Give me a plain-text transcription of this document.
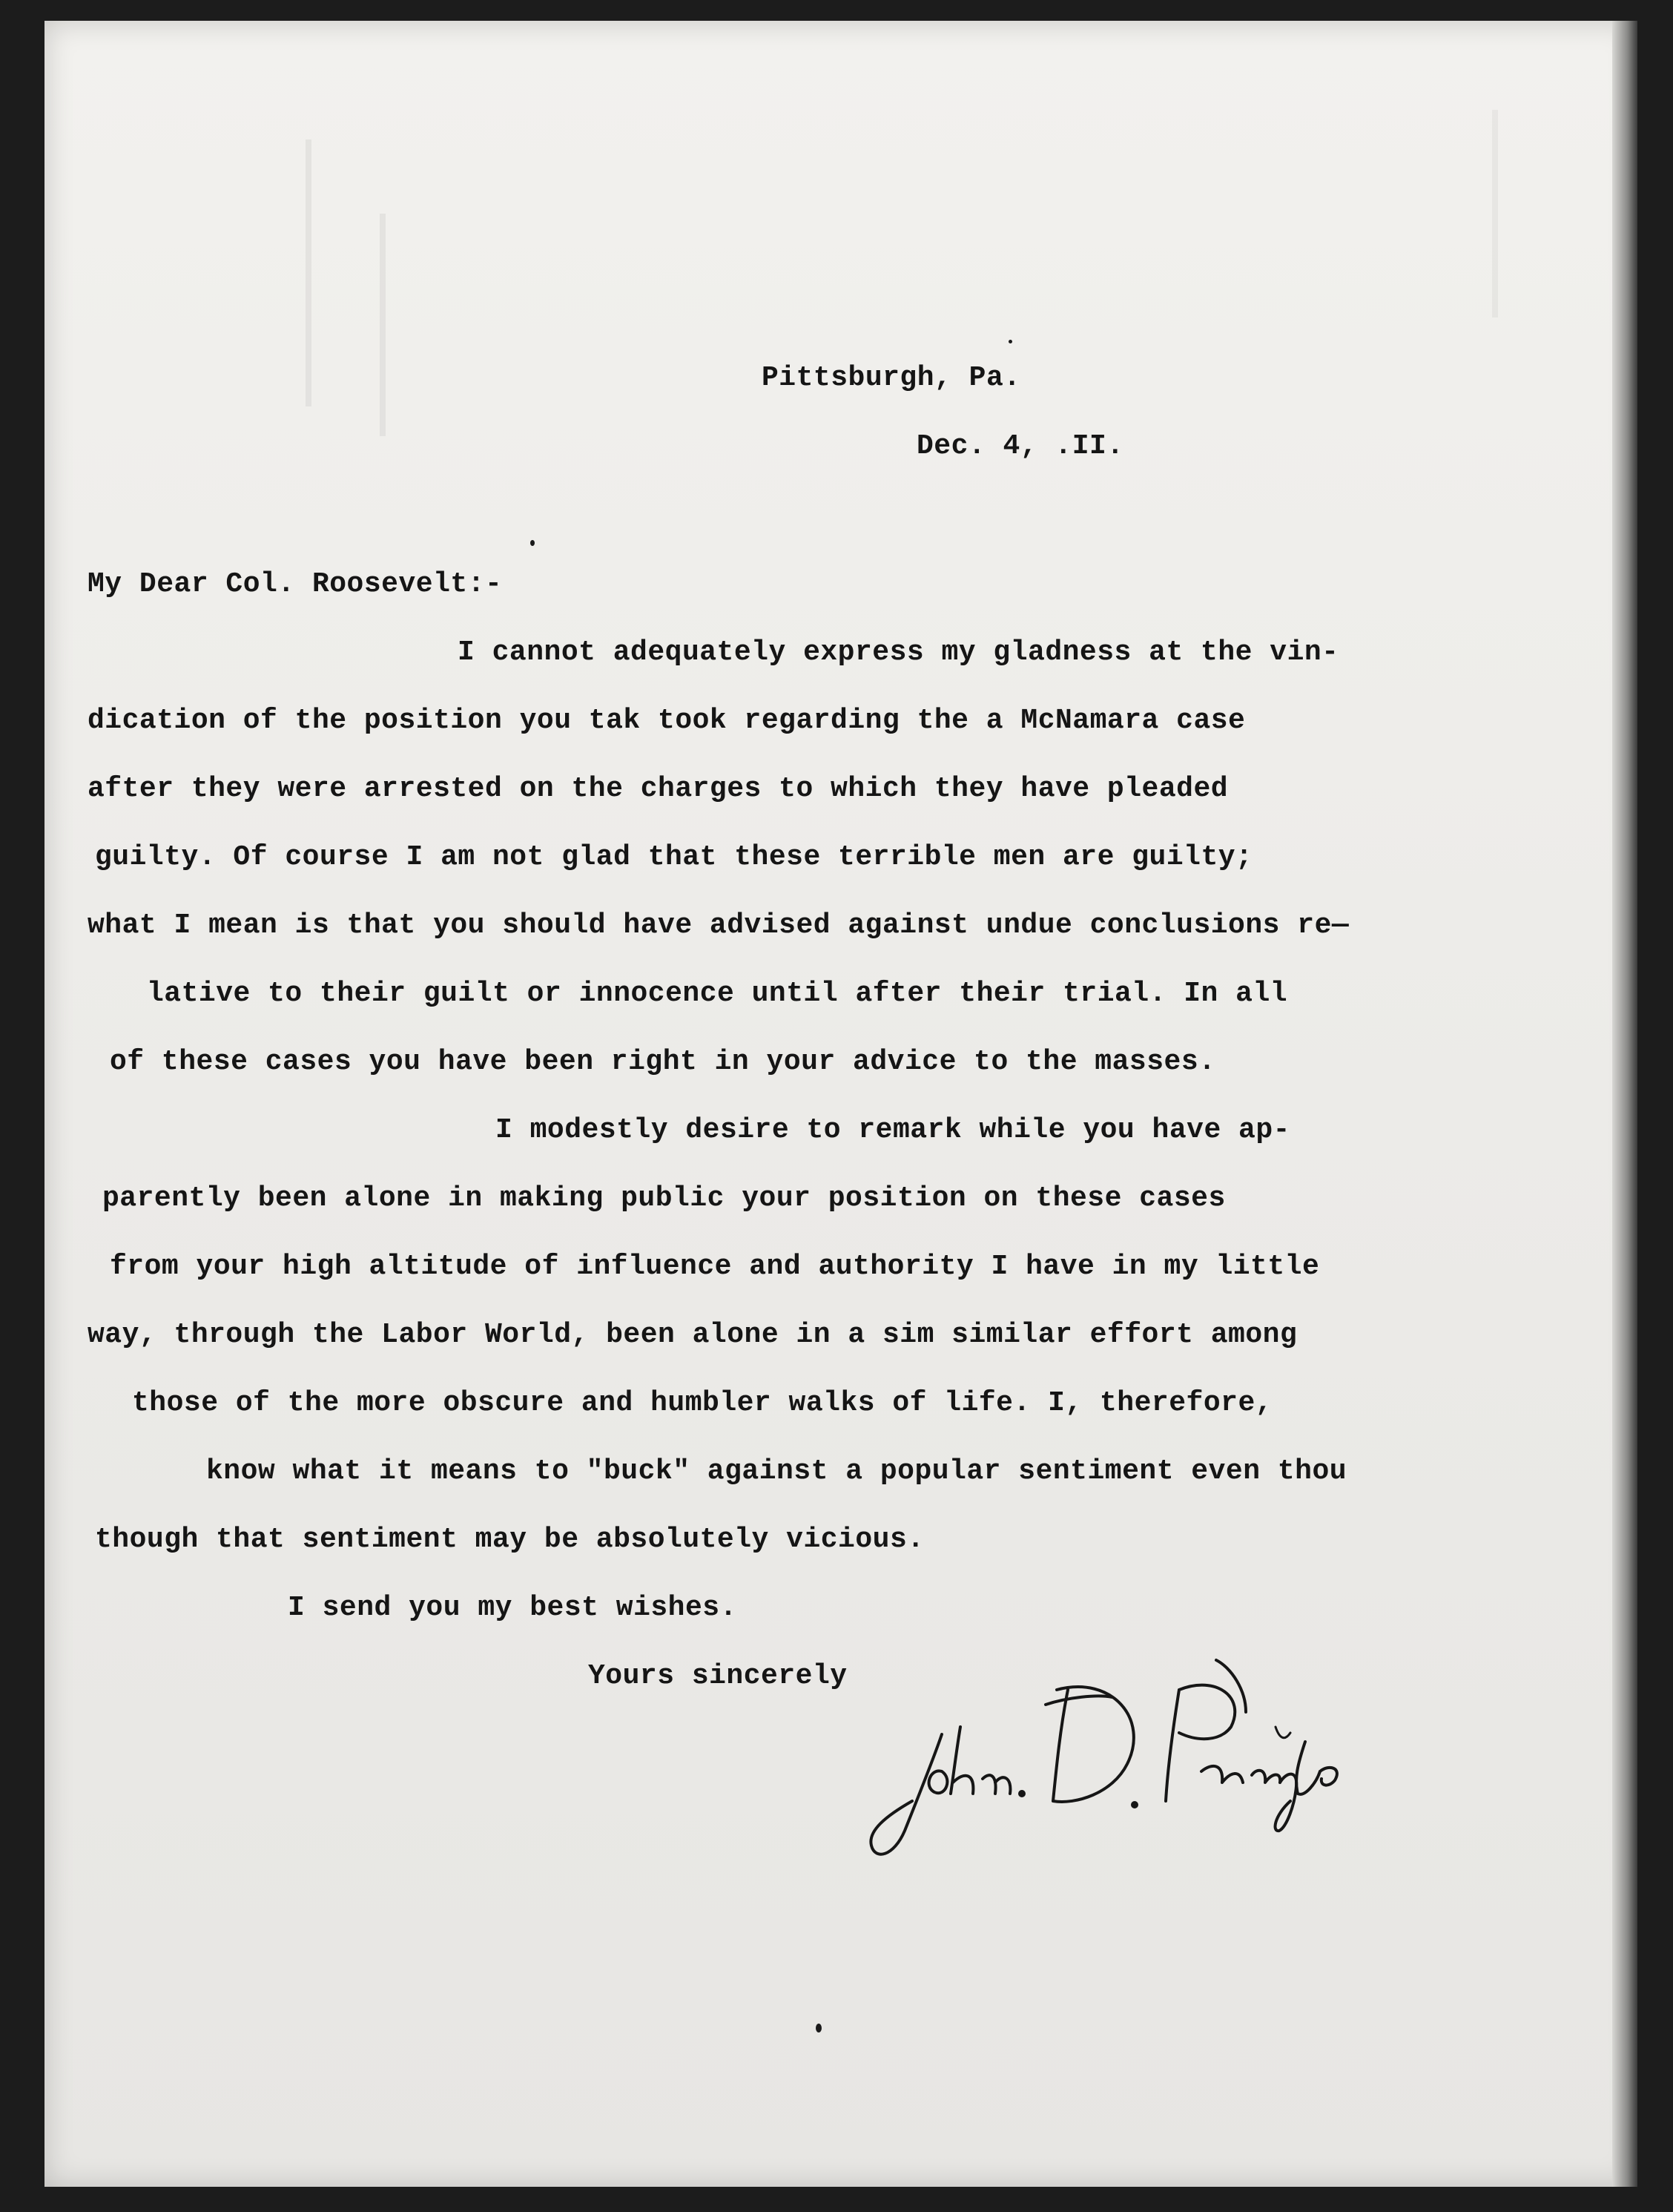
Pittsburgh, Pa.
Dec. 4, .II.
My Dear Col. Roosevelt:-
I cannot adequately express my gladness at the vin-
dication of the position you tak took regarding the a McNamara case
after they were arrested on the charges to which they have pleaded
guilty. Of course I am not glad that these terrible men are guilty;
what I mean is that you should have advised against undue conclusions re—
lative to their guilt or innocence until after their trial. In all
of these cases you have been right in your advice to the masses.
I modestly desire to remark while you have ap-
parently been alone in making public your position on these cases
from your high altitude of influence and authority I have in my little
way, through the Labor World, been alone in a sim similar effort among
those of the more obscure and humbler walks of life. I, therefore,
know what it means to "buck" against a popular sentiment even thou
though that sentiment may be absolutely vicious.
I send you my best wishes.
Yours sincerely
